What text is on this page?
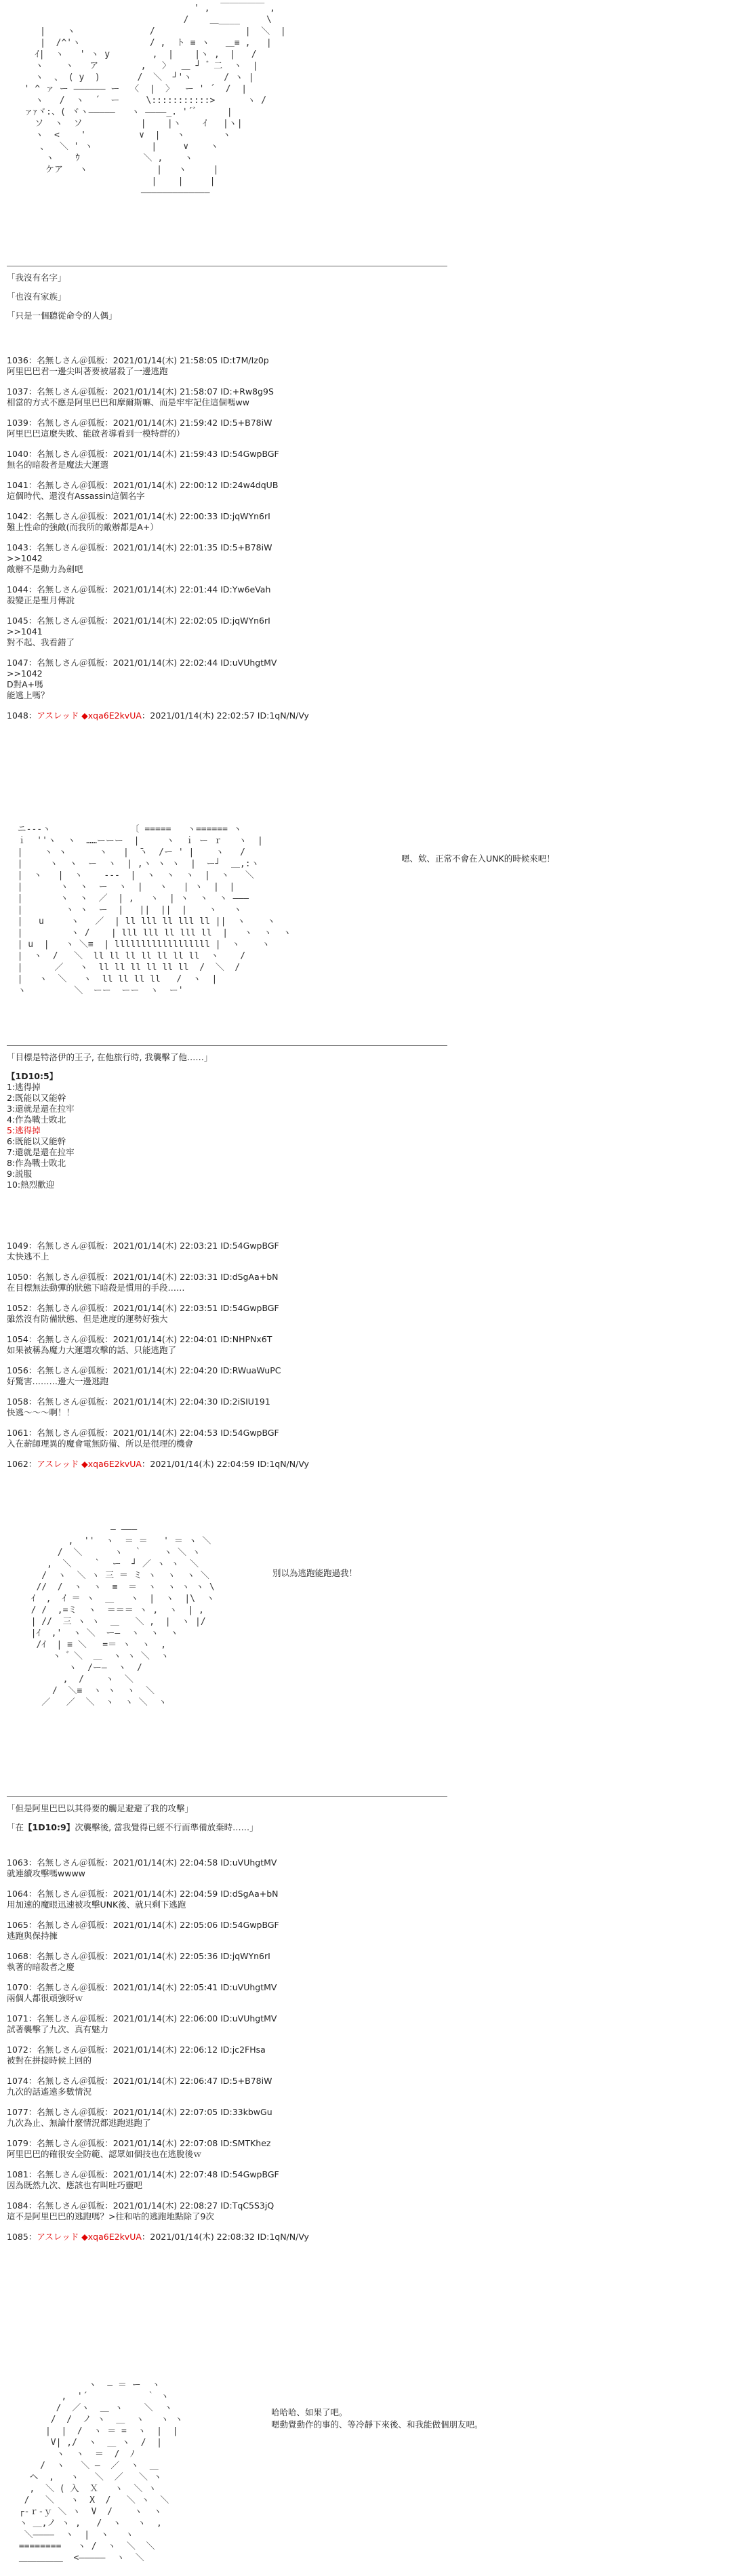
' ,  ￣￣￣￣￣ ,
/    ＿____     \
|    ヽ              /                 |  ＼  |
|  /^'ヽ             / ,  ト ≡ ヽ   ＿≡ ,   |
ｲ|  ヽ   ' ヽ y        ,  |    |ヽ ,  |   /
ヽ    ヽ   ア        ,   〉  ＿ ┘  ゙ 二  ヽ  |
ヽ  、 ( y  )       /  ＼  ┘'ヽ      / ヽ |
' ^ ァ ー ―――――― ー  〈  |  〉  ー ' ´  /  |
ヽ   /  ヽ  ´  ー     \:::::::::::>      ヽ /
ァｧヾ:、( ヾヽ―――――   ヽ ――――_. '´ ゙      |
ソ  ヽ  ソ           |    |ヽ    ｲ   |ヽ|
ヽ  <    '          ∨  |   ヽ       ヽ
、  ＼ ' ヽ           |     ∨    ヽ
ヽ    ｳ            ＼ ,    ヽ
ケア   ヽ             |   ヽ     |
|    |     |
―――――――――――――
「我沒有名字」
「也沒有家族」
「只是一個聽從命令的人偶」
1036：名無しさん＠狐板：2021/01/14(木) 21:58:05 ID:t7M/Iz0p
阿里巴巴君一邊尖叫著要被屠殺了一邊逃跑
1037：名無しさん＠狐板：2021/01/14(木) 21:58:07 ID:+Rw8g9S
相當的方式不應是阿里巴巴和摩爾斯嘛、而是牢牢記住這個嗎ww
1039：名無しさん＠狐板：2021/01/14(木) 21:59:42 ID:5+B78iW
阿里巴巴這麼失敗、能啟者導看到一模特群的）
1040：名無しさん＠狐板：2021/01/14(木) 21:59:43 ID:54GwpBGF
無名的暗殺者是魔法大運選
1041：名無しさん＠狐板：2021/01/14(木) 22:00:12 ID:24w4dqUB
這個時代、還沒有Assassin這個名字
1042：名無しさん＠狐板：2021/01/14(木) 22:00:33 ID:jqWYn6rI
難上性命的強敵(而我所的敵辦都是A+）
1043：名無しさん＠狐板：2021/01/14(木) 22:01:35 ID:5+B78iW
>>1042
敵辦不是動力為劍吧
1044：名無しさん＠狐板：2021/01/14(木) 22:01:44 ID:Yw6eVah
殺變正是聖月傳說
1045：名無しさん＠狐板：2021/01/14(木) 22:02:05 ID:jqWYn6rI
>>1041
對不起、我看錯了
1047：名無しさん＠狐板：2021/01/14(木) 22:02:44 ID:uVUhgtMV
>>1042
D對A+嗎
能逃上嗎？
1048：アスレッド ◆xqa6E2kvUA：2021/01/14(木) 22:02:57 ID:1qN/N/Vy
ニ---ヽ               〔 =====   ヽ====== ヽ
ｉ  ''ヽ  ヽ  ……ーーー  |     ヽ  ｉ ー ｒ   ヽ  |
|    ヽ ヽ      ヽ   |  ̄ヽ  /ー ' |    ヽ   /
|     ヽ  ヽ  ー  ヽ  | ,ヽ ヽ ヽ  |  ー┘  ＿,:ヽ
|  ヽ   |  ヽ    ---  |  ヽ  ヽ  ヽ  |  ヽ   ＼
|       ヽ  ヽ  ー  ヽ  |   ヽ   | ヽ  |  |
|       ヽ  ヽ  ／  | ,   ヽ  | ヽ  ヽ  ヽ ―――
|        ヽ ヽ  ー  |   ||  ||  |    ヽ   ヽ
|   u     ヽ   ／  | ll lll ll lll ll ||  ヽ    ヽ
|         ヽ /    | lll lll ll lll ll  |   ヽ  ヽ  ヽ
| u  |   ヽ ＼≡  | llllllllllllllllll |  ヽ    ヽ
|  ヽ  /   ＼  ll ll ll ll ll ll ll  ヽ    /
|      ／   ヽ  ll ll ll ll ll ll  /  ＼  /
|   ヽ  ＼   ヽ  ll ll ll ll   /  ヽ  |
ヽ         ＼  ーー  ーー  ヽ  ー'
嗯、欸、正常不會在入UNK的時候來吧！
「目標是特洛伊的王子, 在他旅行時, 我襲擊了他……」
【1D10:5】
1:逃得掉
2:既能以又能幹
3:還就是還在拉牢
4:作為戰士敗北
5:逃得掉
6:既能以又能幹
7:還就是還在拉牢
8:作為戰士敗北
9:説服
10:熱烈歡迎
1049：名無しさん＠狐板：2021/01/14(木) 22:03:21 ID:54GwpBGF
太快逃不上
1050：名無しさん＠狐板：2021/01/14(木) 22:03:31 ID:dSgAa+bN
在目標無法動彈的狀態下暗殺是慣用的手段……
1052：名無しさん＠狐板：2021/01/14(木) 22:03:51 ID:54GwpBGF
雖然沒有防備狀態、但是進度的運勢好強大
1054：名無しさん＠狐板：2021/01/14(木) 22:04:01 ID:NHPNx6T
如果被稱為魔力大運選攻擊的話、只能逃跑了
1056：名無しさん＠狐板：2021/01/14(木) 22:04:20 ID:RWuaWuPC
好驚害………邊大一邊逃跑
1058：名無しさん＠狐板：2021/01/14(木) 22:04:30 ID:2iSIU191
快逃～～～啊！！
1061：名無しさん＠狐板：2021/01/14(木) 22:04:53 ID:54GwpBGF
入在薪師理異的魔會電無防備、所以是很理的機會
1062：アスレッド ◆xqa6E2kvUA：2021/01/14(木) 22:04:59 ID:1qN/N/Vy
― ―――
,  ''  ヽ  ＝ ＝   ' ＝ ヽ ＼
/  ＼      ヽ  ｀    ヽ ＼ ヽ
,  ＼    ｀  ー  ┘ ／ ヽ ヽ  ＼
/  ヽ  ＼ ヽ 三 ＝ ミ ヽ  ヽ  ヽ ＼
//  /  ヽ  ヽ  ≡  ＝  ヽ  ヽ ヽ ヽ \
ｲ  ,  ｲ ＝ ヽ  ＿   ヽ  |  ヽ  |\  ヽ
/ /  ,=ミ  ヽ  ＝＝＝ ヽ ,  ヽ  | ,
| //  三 ヽ ヽ  ＿   ＼ ,  |  ヽ |/
|ｲ  ,'  ヽ ＼  ー―  ヽ  ヽ  ヽ
/ｲ  | ≡ ＼   =＝ ヽ  ヽ  ,
ヽ  ゙ ＼  ＿  ヽ ヽ ＼  ヽ
ヽ  /ー―  ヽ  /
,  /    ヽ  ＼
/  ＼≡  ヽ ヽ  ヽ  ＼
／   ／  ＼  ヽ  ヽ ＼  ヽ
別以為逃跑能跑過我！
「但是阿里巴巴以其得要的觸足避避了我的攻擊」
「在【1D10:9】次襲擊後, 當我覺得已經不行而準備放棄時……」
1063：名無しさん＠狐板：2021/01/14(木) 22:04:58 ID:uVUhgtMV
就連續攻擊嗎wwww
1064：名無しさん＠狐板：2021/01/14(木) 22:04:59 ID:dSgAa+bN
用加速的魔眼迅速被攻擊UNK後、就只剩下逃跑
1065：名無しさん＠狐板：2021/01/14(木) 22:05:06 ID:54GwpBGF
逃跑與保持擁
1068：名無しさん＠狐板：2021/01/14(木) 22:05:36 ID:jqWYn6rI
執著的暗殺者之慶
1070：名無しさん＠狐板：2021/01/14(木) 22:05:41 ID:uVUhgtMV
兩個人都很頑強呀ｗ
1071：名無しさん＠狐板：2021/01/14(木) 22:06:00 ID:uVUhgtMV
試著襲擊了九次、真有魅力
1072：名無しさん＠狐板：2021/01/14(木) 22:06:12 ID:jc2FHsa
被對在拼接時候上回的
1074：名無しさん＠狐板：2021/01/14(木) 22:06:47 ID:5+B78iW
九次的話遙遠多數情況
1077：名無しさん＠狐板：2021/01/14(木) 22:07:05 ID:33kbwGu
九次為止、無論什麼情況都逃跑逃跑了
1079：名無しさん＠狐板：2021/01/14(木) 22:07:08 ID:SMTKhez
阿里巴巴的確很安全防範、認眾如個技也在逃脫後ｗ
1081：名無しさん＠狐板：2021/01/14(木) 22:07:48 ID:54GwpBGF
因為既然九次、應該也有叫吐巧靈吧
1084：名無しさん＠狐板：2021/01/14(木) 22:08:27 ID:TqC5S3jQ
這不是阿里巴巴的逃跑嗎？>往和咕的逃跑地點除了9次
1085：アスレッド ◆xqa6E2kvUA：2021/01/14(木) 22:08:32 ID:1qN/N/Vy
ヽ  ― ＝ ー  ヽ
,  '´           ｀ ヽ
/  ／ヽ  ＿ ヽ    ＼  ヽ
/  /  ノ ヽ  ＿  ヽ   ヽ ヽ
|  |  /  ヽ ＝ =  ヽ  |  |
V| ,/  ヽ  ＿ ヽ  /  |
ヽ  ヽ  ＝  /  ﾉ
/  ヽ   ＼ ―  ／  ヽ  ＿
ヘ  ,   ヽ   ＼  ／   ＼ ヽ
,  ＼ ( 入  Ｘ   ヽ  ＼ ヽ
/   ＼   ヽ  X  /   ＼ ヽ  ＼
┌-ｒ-ｙ ＼ ヽ  V  /    ヽ  ヽ
ヽ ＿,ノ ヽ ,   /  ヽ   ヽ  ,
＼――――  ヽ  |  ヽ   ヽ
========   ヽ /  ヽ  ＼  ＼
＿＿＿＿＿  <―――――  ヽ  ＼
哈哈哈、如果了吧。
嗯動覺動作的事的、等冷靜下來後、和我能做個朋友吧。
